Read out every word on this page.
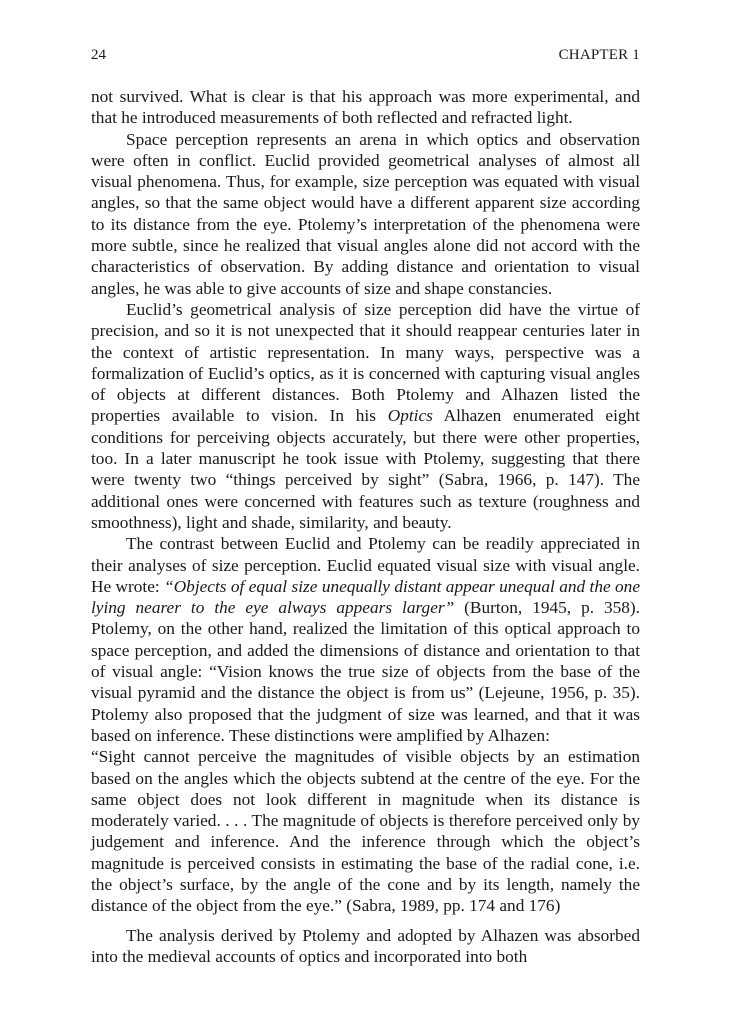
24	CHAPTER 1

not survived. What is clear is that his approach was more experimental, and that he introduced measurements of both reflected and refracted light.

Space perception represents an arena in which optics and observation were often in conflict. Euclid provided geometrical analyses of almost all visual phenomena. Thus, for example, size perception was equated with visual angles, so that the same object would have a different apparent size according to its distance from the eye. Ptolemy’s interpretation of the phenomena were more subtle, since he realized that visual angles alone did not accord with the characteristics of observation. By adding distance and orientation to visual angles, he was able to give accounts of size and shape constancies.

Euclid’s geometrical analysis of size perception did have the virtue of precision, and so it is not unexpected that it should reappear centuries later in the context of artistic representation. In many ways, perspective was a formalization of Euclid’s optics, as it is concerned with capturing visual angles of objects at different distances. Both Ptolemy and Alhazen listed the properties available to vision. In his Optics Alhazen enumerated eight conditions for perceiving objects accurately, but there were other properties, too. In a later manuscript he took issue with Ptolemy, suggesting that there were twenty two “things perceived by sight” (Sabra, 1966, p. 147). The additional ones were concerned with features such as texture (roughness and smoothness), light and shade, similarity, and beauty.

The contrast between Euclid and Ptolemy can be readily appreciated in their analyses of size perception. Euclid equated visual size with visual angle. He wrote: “Objects of equal size unequally distant appear unequal and the one lying nearer to the eye always appears larger” (Burton, 1945, p. 358). Ptolemy, on the other hand, realized the limitation of this optical approach to space perception, and added the dimensions of distance and orientation to that of visual angle: “Vision knows the true size of objects from the base of the visual pyramid and the distance the object is from us” (Lejeune, 1956, p. 35). Ptolemy also proposed that the judgment of size was learned, and that it was based on inference. These distinctions were amplified by Alhazen:

“Sight cannot perceive the magnitudes of visible objects by an estimation based on the angles which the objects subtend at the centre of the eye. For the same object does not look different in magnitude when its distance is moderately varied. . . . The magnitude of objects is therefore perceived only by judgement and inference. And the inference through which the object’s magnitude is perceived consists in estimating the base of the radial cone, i.e. the object’s surface, by the angle of the cone and by its length, namely the distance of the object from the eye.” (Sabra, 1989, pp. 174 and 176)

The analysis derived by Ptolemy and adopted by Alhazen was absorbed into the medieval accounts of optics and incorporated into both
